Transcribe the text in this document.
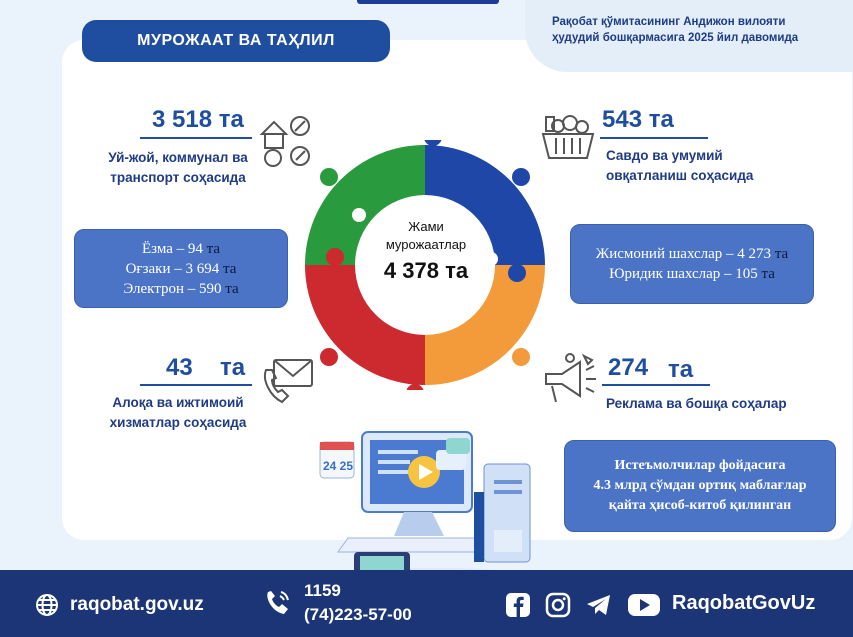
МУРОЖААТ ВА ТАҲЛИЛ
Рақобат қўмитасининг Андижон вилояти
ҳудудий бошқармасига 2025 йил давомида
3 518 та
Уй-жой, коммунал ва
транспорт соҳасида
543 та
Савдо ва умумий
овқатланиш соҳасида
Ёзма – 94 та
Оғзаки – 3 694 та
Электрон – 590 та
Жисмоний шахслар – 4 273 та
Юридик шахслар – 105 та
Жами
мурожаатлар
4 378 та
43 та
Алоқа ва ижтимоий
хизматлар соҳасида
274 та
Реклама ва бошқа соҳалар
Истеъмолчилар фойдасига
4.3 млрд сўмдан ортиқ маблағлар
қайта ҳисоб-китоб қилинган
24 25
raqobat.gov.uz
1159
(74)223-57-00
RaqobatGovUz
